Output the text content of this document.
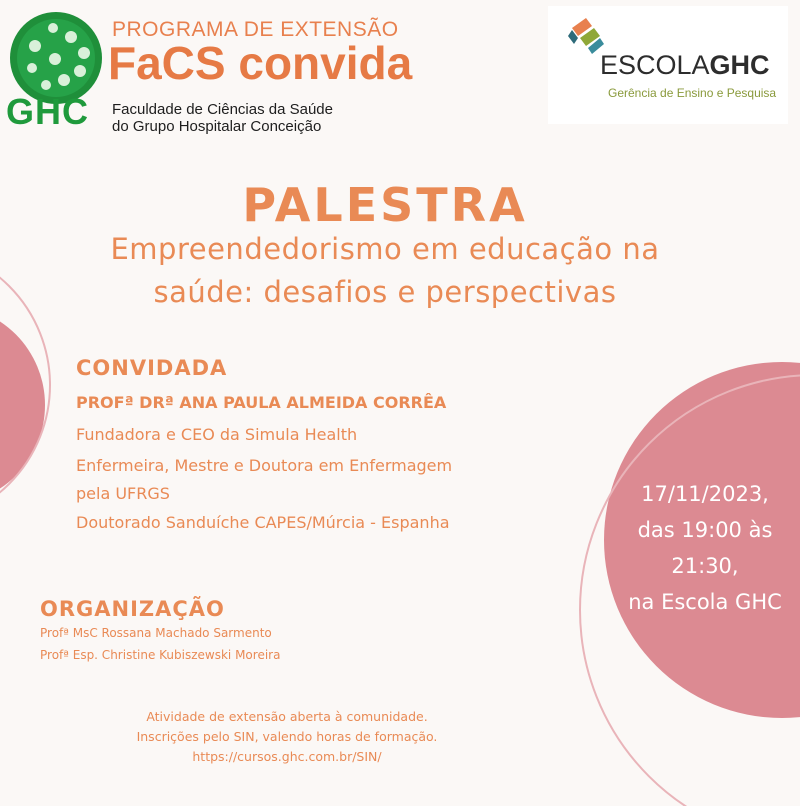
GHC
PROGRAMA DE EXTENSÃO
FaCS convida
Faculdade de Ciências da Saúde
do Grupo Hospitalar Conceição
ESCOLAGHC
Gerência de Ensino e Pesquisa
PALESTRA
Empreendedorismo em educação na
saúde: desafios e perspectivas
CONVIDADA
PROFª DRª ANA PAULA ALMEIDA CORRÊA
Fundadora e CEO da Simula Health
Enfermeira, Mestre e Doutora em Enfermagem
pela UFRGS
Doutorado Sanduíche CAPES/Múrcia - Espanha
17/11/2023,
das 19:00 às
21:30,
na Escola GHC
ORGANIZAÇÃO
Profª MsC Rossana Machado Sarmento
Profª Esp. Christine Kubiszewski Moreira
Atividade de extensão aberta à comunidade.
Inscrições pelo SIN, valendo horas de formação.
https://cursos.ghc.com.br/SIN/
